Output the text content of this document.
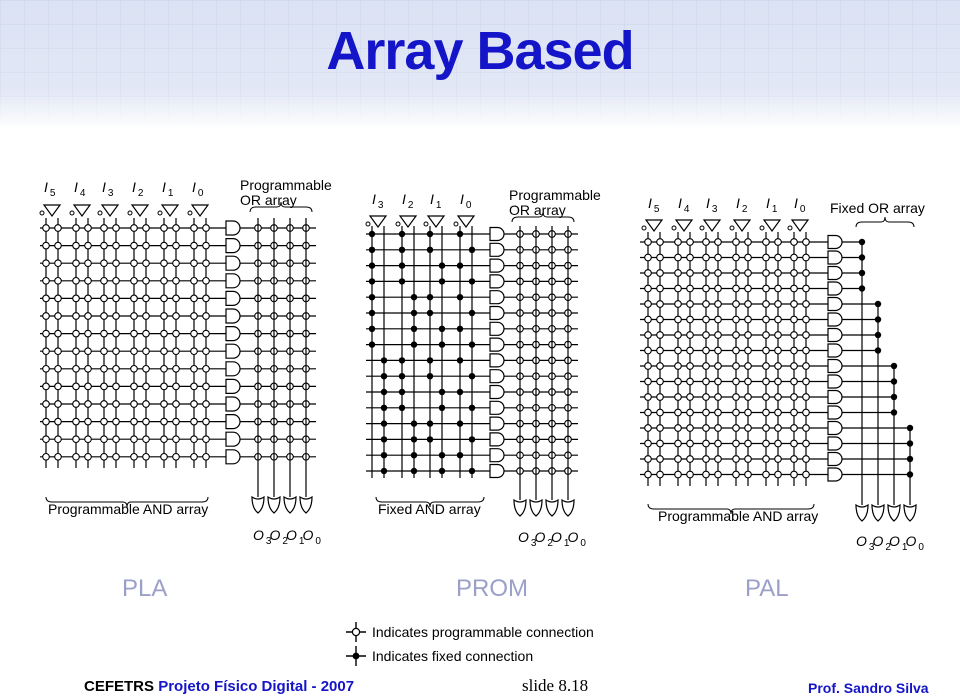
Array Based
I $_5$ I $_4$ I $_3$ I $_2$ I $_1$ I $_0$
O $_3$
O $_2$
O $_1$
O $_0$
I $_3$ I $_2$ I $_1$ I $_0$
O $_3$
O $_2$
O $_1$
O $_0$
I $_5$ I $_4$ I $_3$ I $_2$ I $_1$ I $_0$
O $_3$
O $_2$
O $_1$
O $_0$
Programmable
OR array
Programmable AND array
PLA
Programmable
OR array
Fixed AND array
PROM
Fixed OR array
Programmable AND array
PAL
Indicates programmable connection
Indicates fixed connection
CEFETRS Projeto Físico Digital - 2007	slide 8.18	Prof. Sandro Silva
